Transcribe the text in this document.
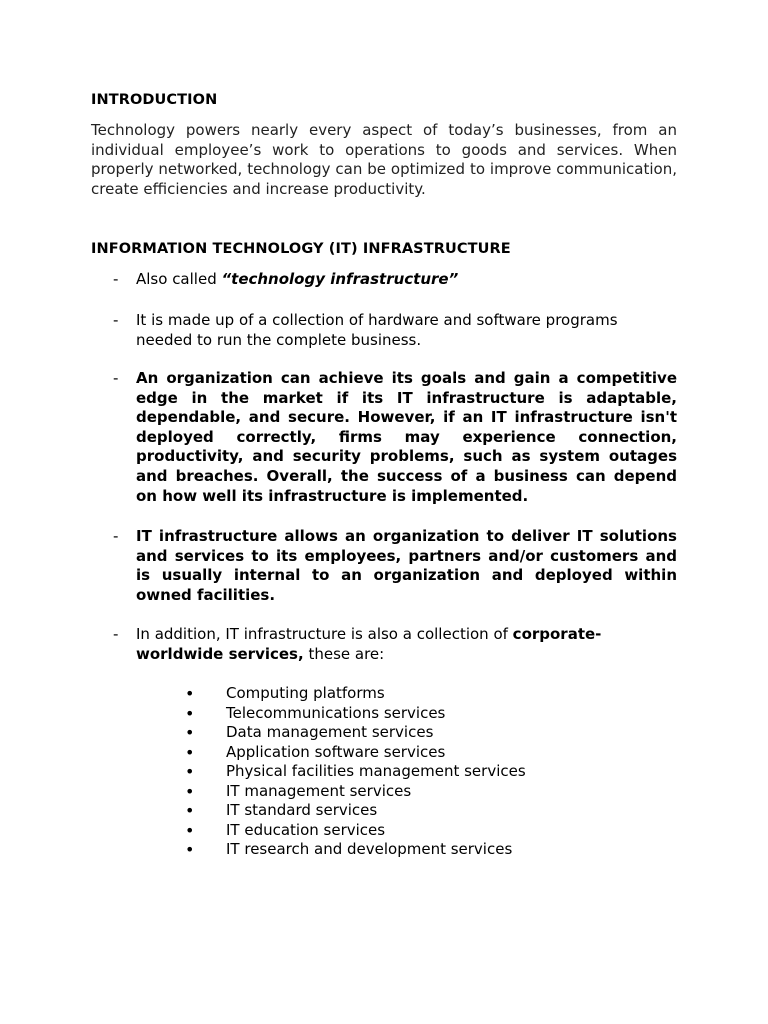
INTRODUCTION

Technology powers nearly every aspect of today’s businesses, from an individual employee’s work to operations to goods and services. When properly networked, technology can be optimized to improve communication, create efficiencies and increase productivity.

INFORMATION TECHNOLOGY (IT) INFRASTRUCTURE
- Also called “technology infrastructure”
- It is made up of a collection of hardware and software programs needed to run the complete business.
- An organization can achieve its goals and gain a competitive edge in the market if its IT infrastructure is adaptable, dependable, and secure. However, if an IT infrastructure isn't deployed correctly, firms may experience connection, productivity, and security problems, such as system outages and breaches. Overall, the success of a business can depend on how well its infrastructure is implemented.
- IT infrastructure allows an organization to deliver IT solutions and services to its employees, partners and/or customers and is usually internal to an organization and deployed within owned facilities.
- In addition, IT infrastructure is also a collection of corporate-worldwide services, these are:
• Computing platforms
• Telecommunications services
• Data management services
• Application software services
• Physical facilities management services
• IT management services
• IT standard services
• IT education services
• IT research and development services
